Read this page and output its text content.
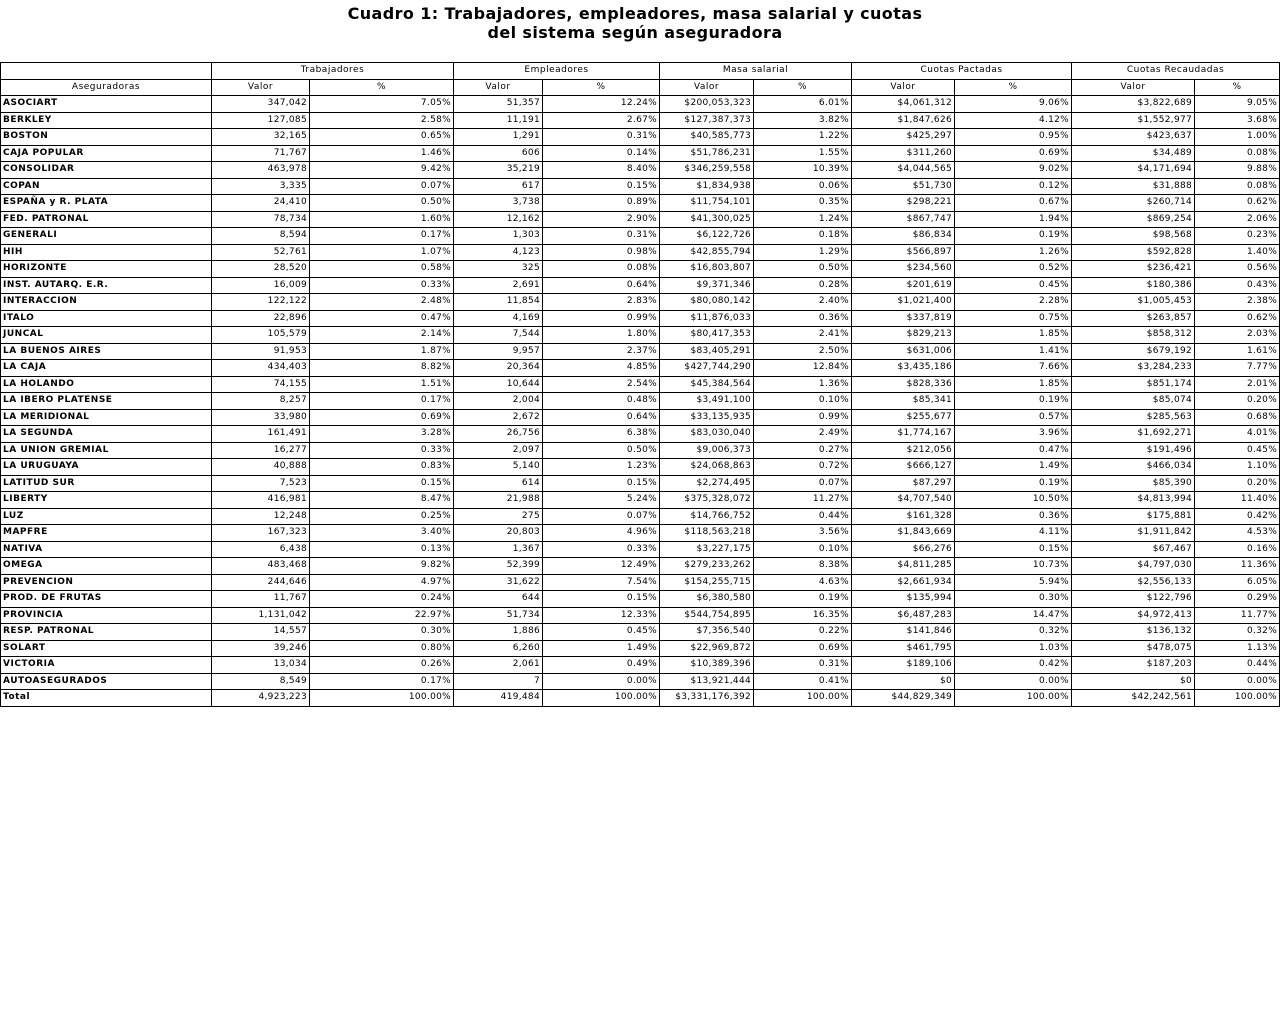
Cuadro 1: Trabajadores, empleadores, masa salarial y cuotas
del sistema según aseguradora
	Trabajadores		Empleadores		Masa salarial		Cuotas Pactadas		Cuotas Recaudadas	
Aseguradoras	Valor	%	Valor	%	Valor	%	Valor	%	Valor	%
ASOCIART	347,042	7.05%	51,357	12.24%	$200,053,323	6.01%	$4,061,312	9.06%	$3,822,689	9.05%
BERKLEY	127,085	2.58%	11,191	2.67%	$127,387,373	3.82%	$1,847,626	4.12%	$1,552,977	3.68%
BOSTON	32,165	0.65%	1,291	0.31%	$40,585,773	1.22%	$425,297	0.95%	$423,637	1.00%
CAJA POPULAR	71,767	1.46%	606	0.14%	$51,786,231	1.55%	$311,260	0.69%	$34,489	0.08%
CONSOLIDAR	463,978	9.42%	35,219	8.40%	$346,259,558	10.39%	$4,044,565	9.02%	$4,171,694	9.88%
COPAN	3,335	0.07%	617	0.15%	$1,834,938	0.06%	$51,730	0.12%	$31,888	0.08%
ESPAÑA y R. PLATA	24,410	0.50%	3,738	0.89%	$11,754,101	0.35%	$298,221	0.67%	$260,714	0.62%
FED. PATRONAL	78,734	1.60%	12,162	2.90%	$41,300,025	1.24%	$867,747	1.94%	$869,254	2.06%
GENERALI	8,594	0.17%	1,303	0.31%	$6,122,726	0.18%	$86,834	0.19%	$98,568	0.23%
HIH	52,761	1.07%	4,123	0.98%	$42,855,794	1.29%	$566,897	1.26%	$592,828	1.40%
HORIZONTE	28,520	0.58%	325	0.08%	$16,803,807	0.50%	$234,560	0.52%	$236,421	0.56%
INST. AUTARQ. E.R.	16,009	0.33%	2,691	0.64%	$9,371,346	0.28%	$201,619	0.45%	$180,386	0.43%
INTERACCION	122,122	2.48%	11,854	2.83%	$80,080,142	2.40%	$1,021,400	2.28%	$1,005,453	2.38%
ITALO	22,896	0.47%	4,169	0.99%	$11,876,033	0.36%	$337,819	0.75%	$263,857	0.62%
JUNCAL	105,579	2.14%	7,544	1.80%	$80,417,353	2.41%	$829,213	1.85%	$858,312	2.03%
LA BUENOS AIRES	91,953	1.87%	9,957	2.37%	$83,405,291	2.50%	$631,006	1.41%	$679,192	1.61%
LA CAJA	434,403	8.82%	20,364	4.85%	$427,744,290	12.84%	$3,435,186	7.66%	$3,284,233	7.77%
LA HOLANDO	74,155	1.51%	10,644	2.54%	$45,384,564	1.36%	$828,336	1.85%	$851,174	2.01%
LA IBERO PLATENSE	8,257	0.17%	2,004	0.48%	$3,491,100	0.10%	$85,341	0.19%	$85,074	0.20%
LA MERIDIONAL	33,980	0.69%	2,672	0.64%	$33,135,935	0.99%	$255,677	0.57%	$285,563	0.68%
LA SEGUNDA	161,491	3.28%	26,756	6.38%	$83,030,040	2.49%	$1,774,167	3.96%	$1,692,271	4.01%
LA UNION GREMIAL	16,277	0.33%	2,097	0.50%	$9,006,373	0.27%	$212,056	0.47%	$191,496	0.45%
LA URUGUAYA	40,888	0.83%	5,140	1.23%	$24,068,863	0.72%	$666,127	1.49%	$466,034	1.10%
LATITUD SUR	7,523	0.15%	614	0.15%	$2,274,495	0.07%	$87,297	0.19%	$85,390	0.20%
LIBERTY	416,981	8.47%	21,988	5.24%	$375,328,072	11.27%	$4,707,540	10.50%	$4,813,994	11.40%
LUZ	12,248	0.25%	275	0.07%	$14,766,752	0.44%	$161,328	0.36%	$175,881	0.42%
MAPFRE	167,323	3.40%	20,803	4.96%	$118,563,218	3.56%	$1,843,669	4.11%	$1,911,842	4.53%
NATIVA	6,438	0.13%	1,367	0.33%	$3,227,175	0.10%	$66,276	0.15%	$67,467	0.16%
OMEGA	483,468	9.82%	52,399	12.49%	$279,233,262	8.38%	$4,811,285	10.73%	$4,797,030	11.36%
PREVENCION	244,646	4.97%	31,622	7.54%	$154,255,715	4.63%	$2,661,934	5.94%	$2,556,133	6.05%
PROD. DE FRUTAS	11,767	0.24%	644	0.15%	$6,380,580	0.19%	$135,994	0.30%	$122,796	0.29%
PROVINCIA	1,131,042	22.97%	51,734	12.33%	$544,754,895	16.35%	$6,487,283	14.47%	$4,972,413	11.77%
RESP. PATRONAL	14,557	0.30%	1,886	0.45%	$7,356,540	0.22%	$141,846	0.32%	$136,132	0.32%
SOLART	39,246	0.80%	6,260	1.49%	$22,969,872	0.69%	$461,795	1.03%	$478,075	1.13%
VICTORIA	13,034	0.26%	2,061	0.49%	$10,389,396	0.31%	$189,106	0.42%	$187,203	0.44%
AUTOASEGURADOS	8,549	0.17%	7	0.00%	$13,921,444	0.41%	$0	0.00%	$0	0.00%
Total	4,923,223	100.00%	419,484	100.00%	$3,331,176,392	100.00%	$44,829,349	100.00%	$42,242,561	100.00%
